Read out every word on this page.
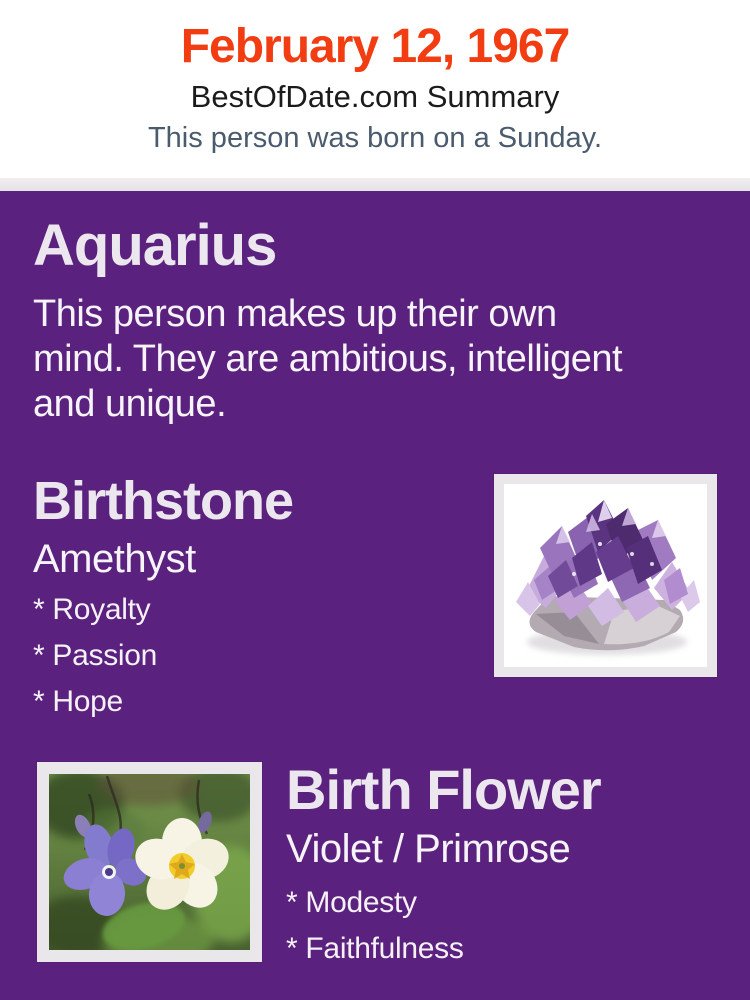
February 12, 1967
BestOfDate.com Summary
This person was born on a Sunday.
Aquarius
This person makes up their own mind. They are ambitious, intelligent and unique.
Birthstone
Amethyst
* Royalty
* Passion
* Hope
Birth Flower
Violet / Primrose
* Modesty
* Faithfulness
